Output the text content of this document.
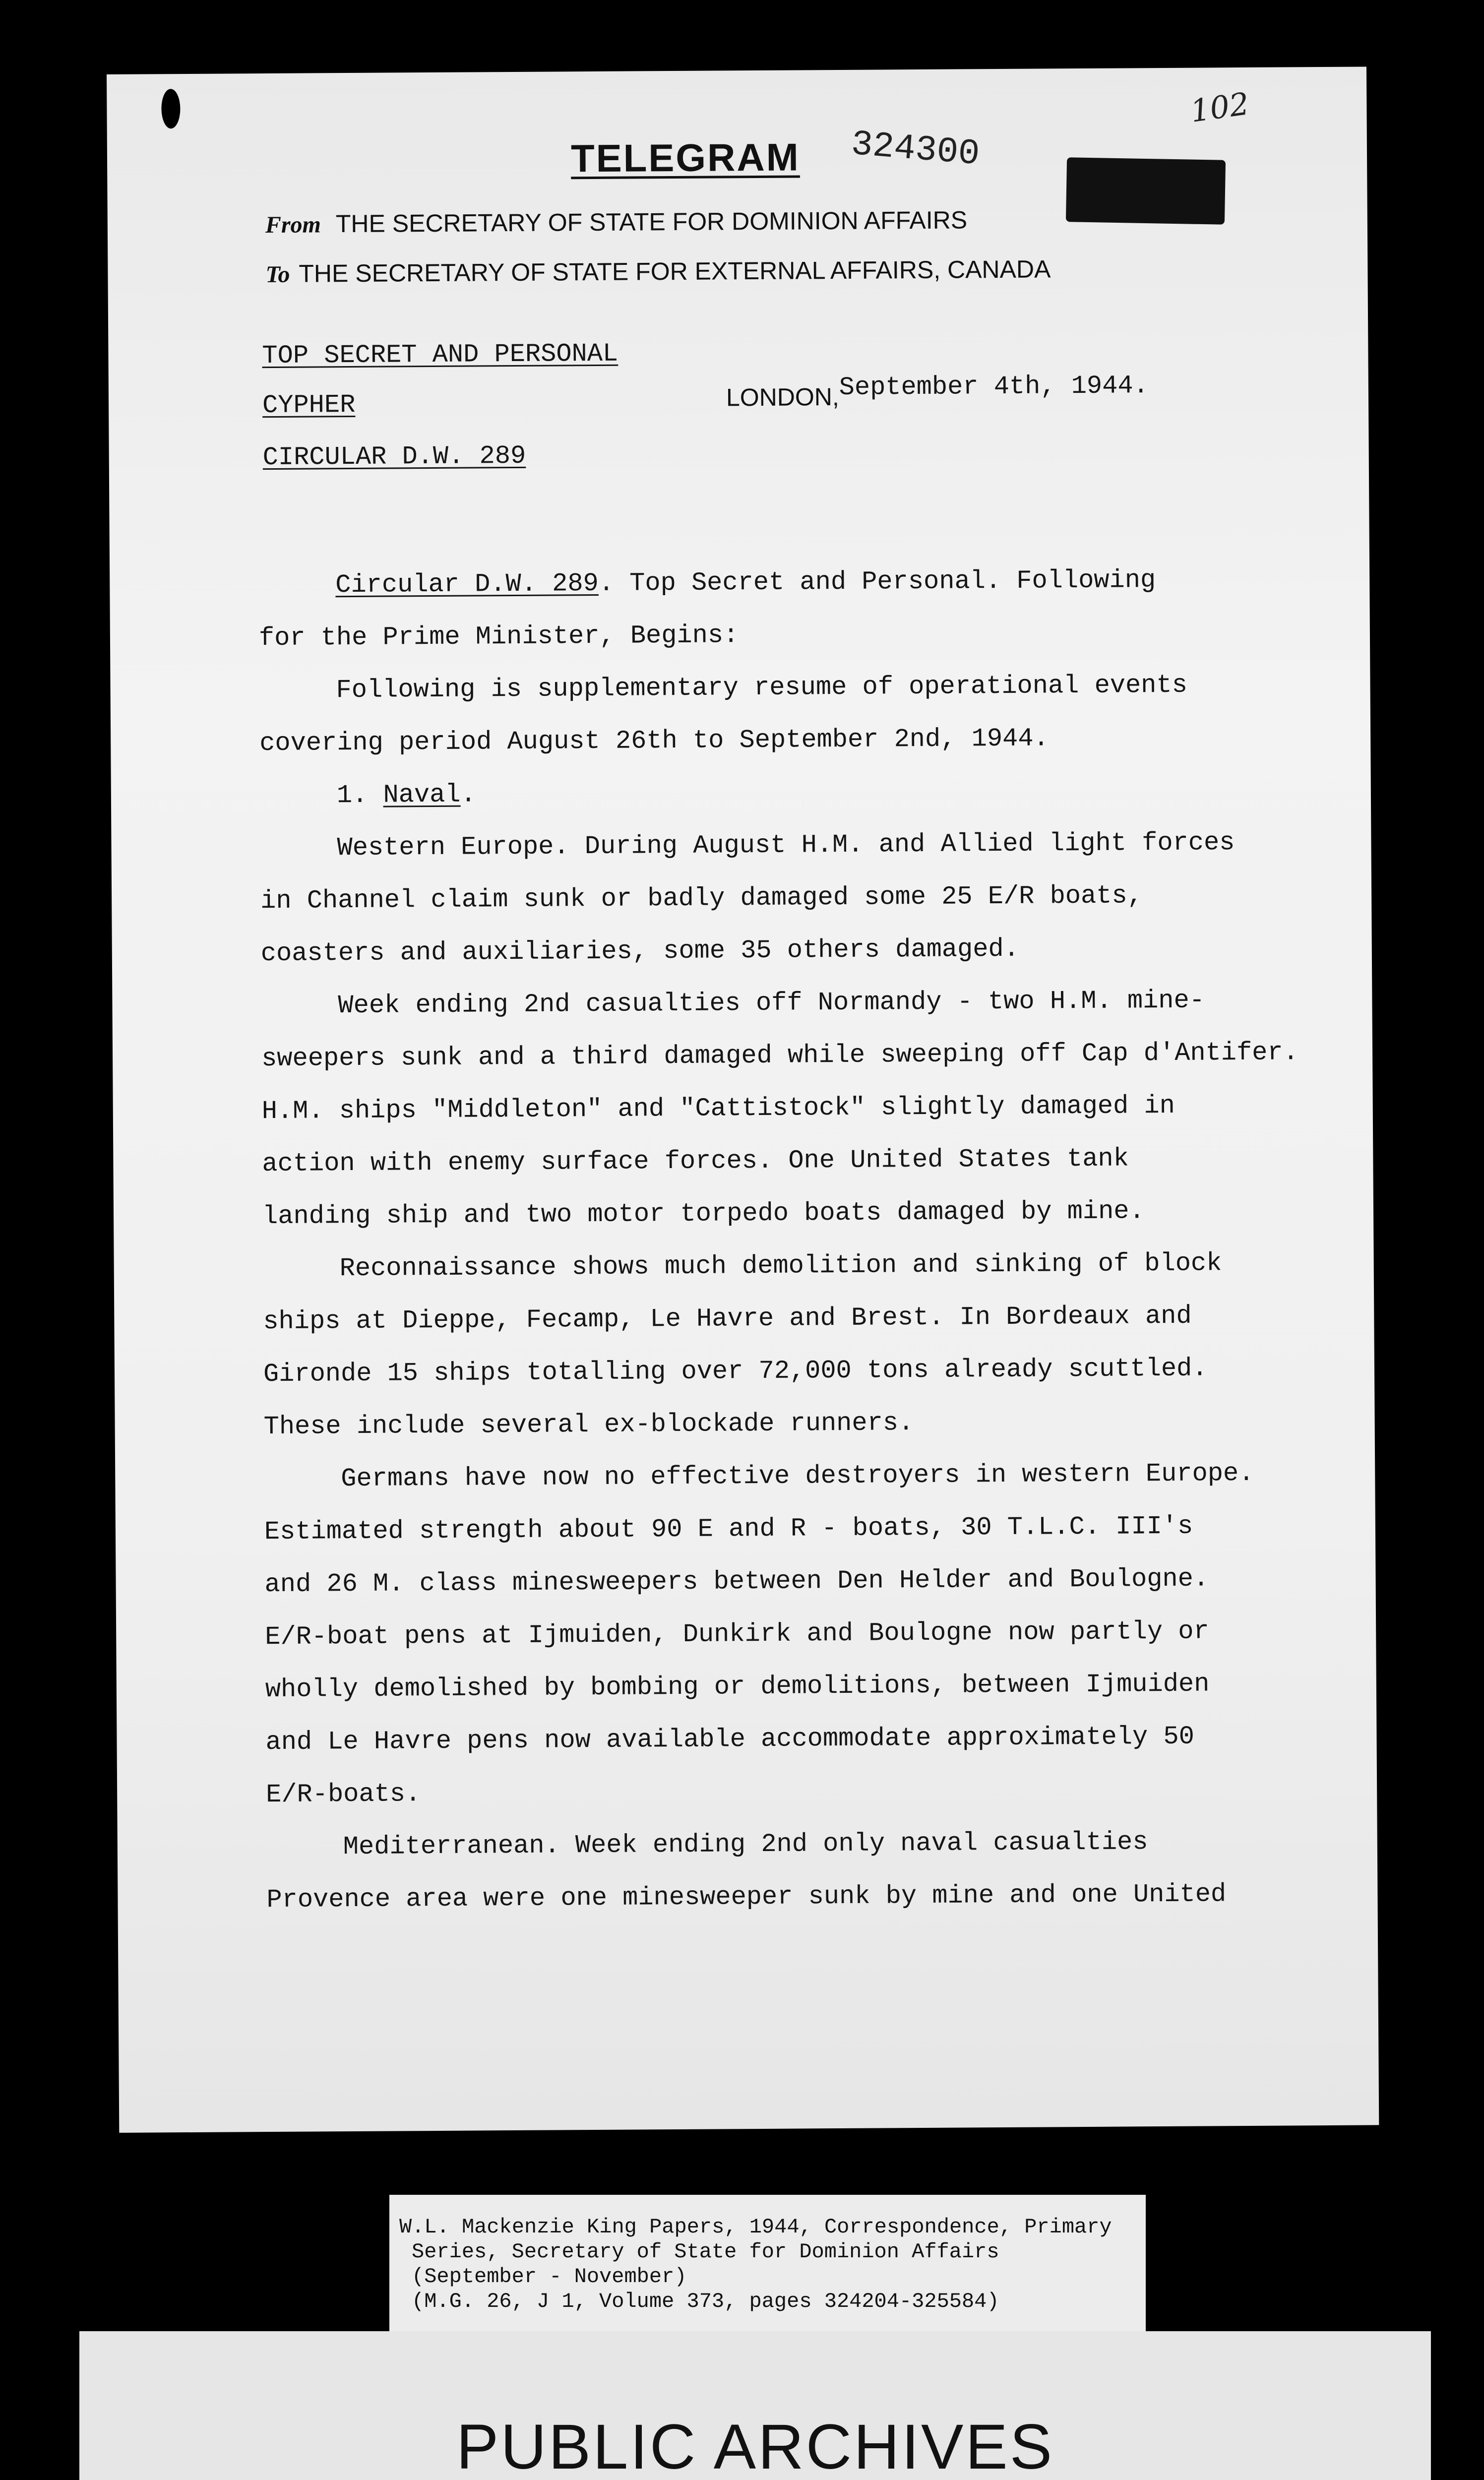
TELEGRAM 324300
From THE SECRETARY OF STATE FOR DOMINION AFFAIRS
To THE SECRETARY OF STATE FOR EXTERNAL AFFAIRS, CANADA
TOP SECRET AND PERSONAL
CYPHER
CIRCULAR D.W. 289
LONDON,September 4th, 1944.
Circular D.W. 289. Top Secret and Personal. Following
for the Prime Minister, Begins:
Following is supplementary resume of operational events
covering period August 26th to September 2nd, 1944.
1. Naval.
Western Europe. During August H.M. and Allied light forces
in Channel claim sunk or badly damaged some 25 E/R boats,
coasters and auxiliaries, some 35 others damaged.
Week ending 2nd casualties off Normandy - two H.M. mine-
sweepers sunk and a third damaged while sweeping off Cap d'Antifer.
H.M. ships "Middleton" and "Cattistock" slightly damaged in
action with enemy surface forces. One United States tank
landing ship and two motor torpedo boats damaged by mine.
Reconnaissance shows much demolition and sinking of block
ships at Dieppe, Fecamp, Le Havre and Brest. In Bordeaux and
Gironde 15 ships totalling over 72,000 tons already scuttled.
These include several ex-blockade runners.
Germans have now no effective destroyers in western Europe.
Estimated strength about 90 E and R - boats, 30 T.L.C. III's
and 26 M. class minesweepers between Den Helder and Boulogne.
E/R-boat pens at Ijmuiden, Dunkirk and Boulogne now partly or
wholly demolished by bombing or demolitions, between Ijmuiden
and Le Havre pens now available accommodate approximately 50
E/R-boats.
Mediterranean. Week ending 2nd only naval casualties
Provence area were one minesweeper sunk by mine and one United
102
W.L. Mackenzie King Papers, 1944, Correspondence, Primary
Series, Secretary of State for Dominion Affairs
(September - November)
(M.G. 26, J 1, Volume 373, pages 324204-325584)
PUBLIC ARCHIVES
